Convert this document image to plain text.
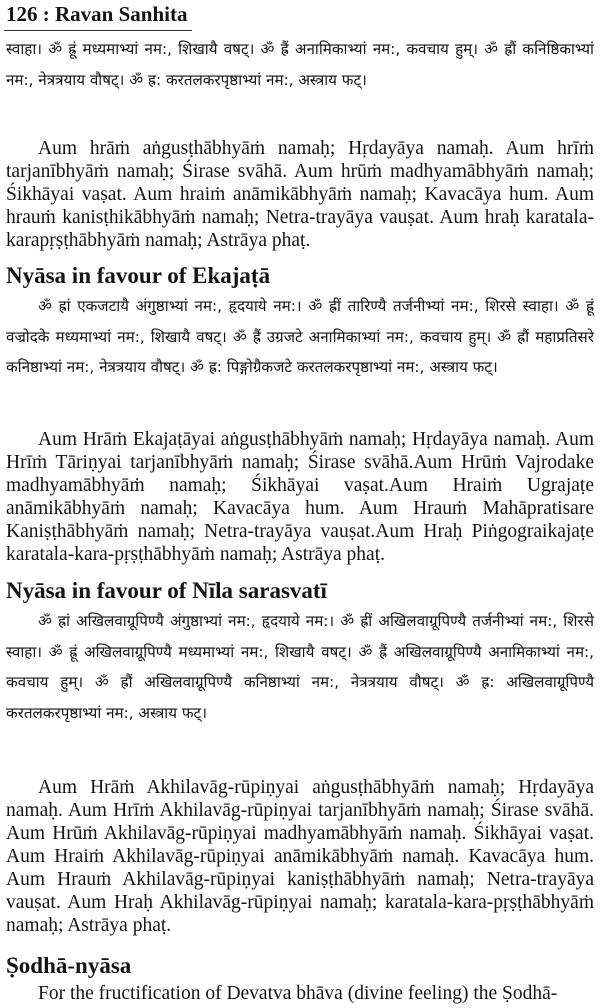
126 : Ravan Sanhita
स्वाहा। ॐ ह्रूं मध्यमाभ्यां नम:, शिखायै वषट्। ॐ ह्रैं अनामिकाभ्यां नम:, कवचाय हुम्। ॐ ह्रौं कनिष्ठिकाभ्यां नम:, नेत्रत्रयाय वौषट्। ॐ ह्र: करतलकरपृष्ठाभ्यां नम:, अस्त्राय फट्।
Aum hrāṁ aṅgusṭhābhyāṁ namaḥ; Hṛdayāya namaḥ. Aum hrīṁ tarjanībhyāṁ namaḥ; Śirase svāhā. Aum hrūṁ madhyamābhyāṁ namaḥ; Śikhāyai vaṣat. Aum hraiṁ anāmikābhyāṁ namaḥ; Kavacāya hum. Aum hrauṁ kanisṭhikābhyāṁ namaḥ; Netra-trayāya vauṣat. Aum hraḥ karatala-karapṛṣṭhābhyāṁ namaḥ; Astrāya phaṭ.
Nyāsa in favour of Ekajaṭā
ॐ ह्रां एकजटायै अंगुष्ठाभ्यां नम:, हृदयाये नम:। ॐ ह्रीं तारिण्यै तर्जनीभ्यां नम:, शिरसे स्वाहा। ॐ ह्रूं वज्रोदके मध्यमाभ्यां नम:, शिखायै वषट्। ॐ ह्रैं उग्रजटे अनामिकाभ्यां नम:, कवचाय हुम्। ॐ ह्रौं महाप्रतिसरे कनिष्ठाभ्यां नम:, नेत्रत्रयाय वौषट्। ॐ ह्र: पिङ्गोग्रैकजटे करतलकरपृष्ठाभ्यां नम:, अस्त्राय फट्।
Aum Hrāṁ Ekajaṭāyai aṅgusṭhābhyāṁ namaḥ; Hṛdayāya namaḥ. Aum Hrīṁ Tāriṇyai tarjanībhyāṁ namaḥ; Śirase svāhā.Aum Hrūṁ Vajrodake madhyamābhyāṁ namaḥ; Śikhāyai vaṣat.Aum Hraiṁ Ugrajaṭe anāmikābhyāṁ namaḥ; Kavacāya hum. Aum Hrauṁ Mahāpratisare Kaniṣṭhābhyāṁ namaḥ; Netra-trayāya vauṣat.Aum Hraḥ Piṅgograikajaṭe karatala-kara-pṛṣṭhābhyāṁ namaḥ; Astrāya phaṭ.
Nyāsa in favour of Nīla sarasvatī
ॐ ह्रां अखिलवाग्रूपिण्यै अंगुष्ठाभ्यां नम:, हृदयाये नम:। ॐ ह्रीं अखिलवाग्रूपिण्यै तर्जनीभ्यां नम:, शिरसे स्वाहा। ॐ ह्रूं अखिलवाग्रूपिण्यै मध्यमाभ्यां नम:, शिखायै वषट्। ॐ ह्रैं अखिलवाग्रूपिण्यै अनामिकाभ्यां नम:, कवचाय हुम्। ॐ ह्रौं अखिलवाग्रूपिण्यै कनिष्ठाभ्यां नम:, नेत्रत्रयाय वौषट्। ॐ ह्र: अखिलवाग्रूपिण्यै करतलकरपृष्ठाभ्यां नम:, अस्त्राय फट्।
Aum Hrāṁ Akhilavāg-rūpiṇyai aṅgusṭhābhyāṁ namaḥ; Hṛdayāya namaḥ. Aum Hrīṁ Akhilavāg-rūpiṇyai tarjanībhyāṁ namaḥ; Śirase svāhā. Aum Hrūṁ Akhilavāg-rūpiṇyai madhyamābhyāṁ namaḥ. Śikhāyai vaṣat. Aum Hraiṁ Akhilavāg-rūpiṇyai anāmikābhyāṁ namaḥ. Kavacāya hum. Aum Hrauṁ Akhilavāg-rūpiṇyai kaniṣṭhābhyāṁ namaḥ; Netra-trayāya vauṣat. Aum Hraḥ Akhilavāg-rūpiṇyai namaḥ; karatala-kara-pṛṣṭhābhyāṁ namaḥ; Astrāya phaṭ.
Ṣodhā-nyāsa
For the fructification of Devatva bhāva (divine feeling) the Ṣodhā-
